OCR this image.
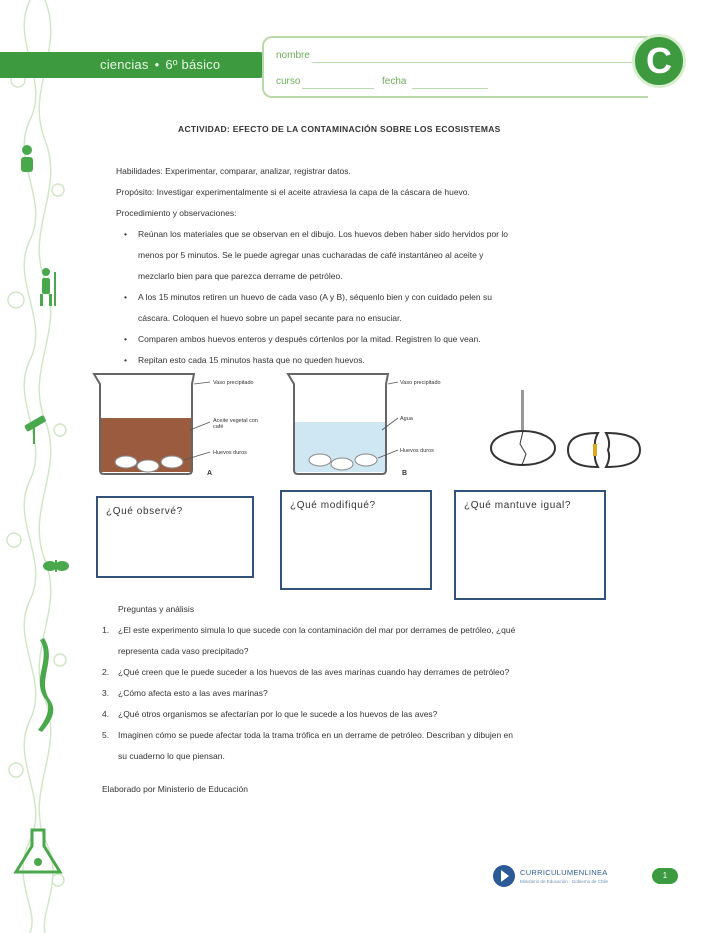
ciencias • 6º básico
nombre
curso	fecha
C
ACTIVIDAD: EFECTO DE LA CONTAMINACIÓN SOBRE LOS ECOSISTEMAS
Habilidades: Experimentar, comparar, analizar, registrar datos.
Propósito: Investigar experimentalmente si el aceite atraviesa la capa de la cáscara de huevo.
Procedimiento y observaciones:
• Reúnan los materiales que se observan en el dibujo. Los huevos deben haber sido hervidos por lo
menos por 5 minutos. Se le puede agregar unas cucharadas de café instantáneo al aceite y
mezclarlo bien para que parezca derrame de petróleo.
• A los 15 minutos retiren un huevo de cada vaso (A y B), séquenlo bien y con cuidado pelen su
cáscara. Coloquen el huevo sobre un papel secante para no ensuciar.
• Comparen ambos huevos enteros y después córtenlos por la mitad. Registren lo que vean.
• Repitan esto cada 15 minutos hasta que no queden huevos.
Vaso precipitado
Aceite vegetal con café
Huevos duros
A
Vaso precipitado
Agua
Huevos duros
B
¿Qué observé?
¿Qué modifiqué?	¿Qué mantuve igual?
Preguntas y análisis
1. ¿El este experimento simula lo que sucede con la contaminación del mar por derrames de petróleo, ¿qué
representa cada vaso precipitado?
2. ¿Qué creen que le puede suceder a los huevos de las aves marinas cuando hay derrames de petróleo?
3. ¿Cómo afecta esto a las aves marinas?
4. ¿Qué otros organismos se afectarían por lo que le sucede a los huevos de las aves?
5. Imaginen cómo se puede afectar toda la trama trófica en un derrame de petróleo. Describan y dibujen en
su cuaderno lo que piensan.
Elaborado por Ministerio de Educación
CURRICULUMENLINEA
Ministerio de Educación · Gobierno de Chile
1
